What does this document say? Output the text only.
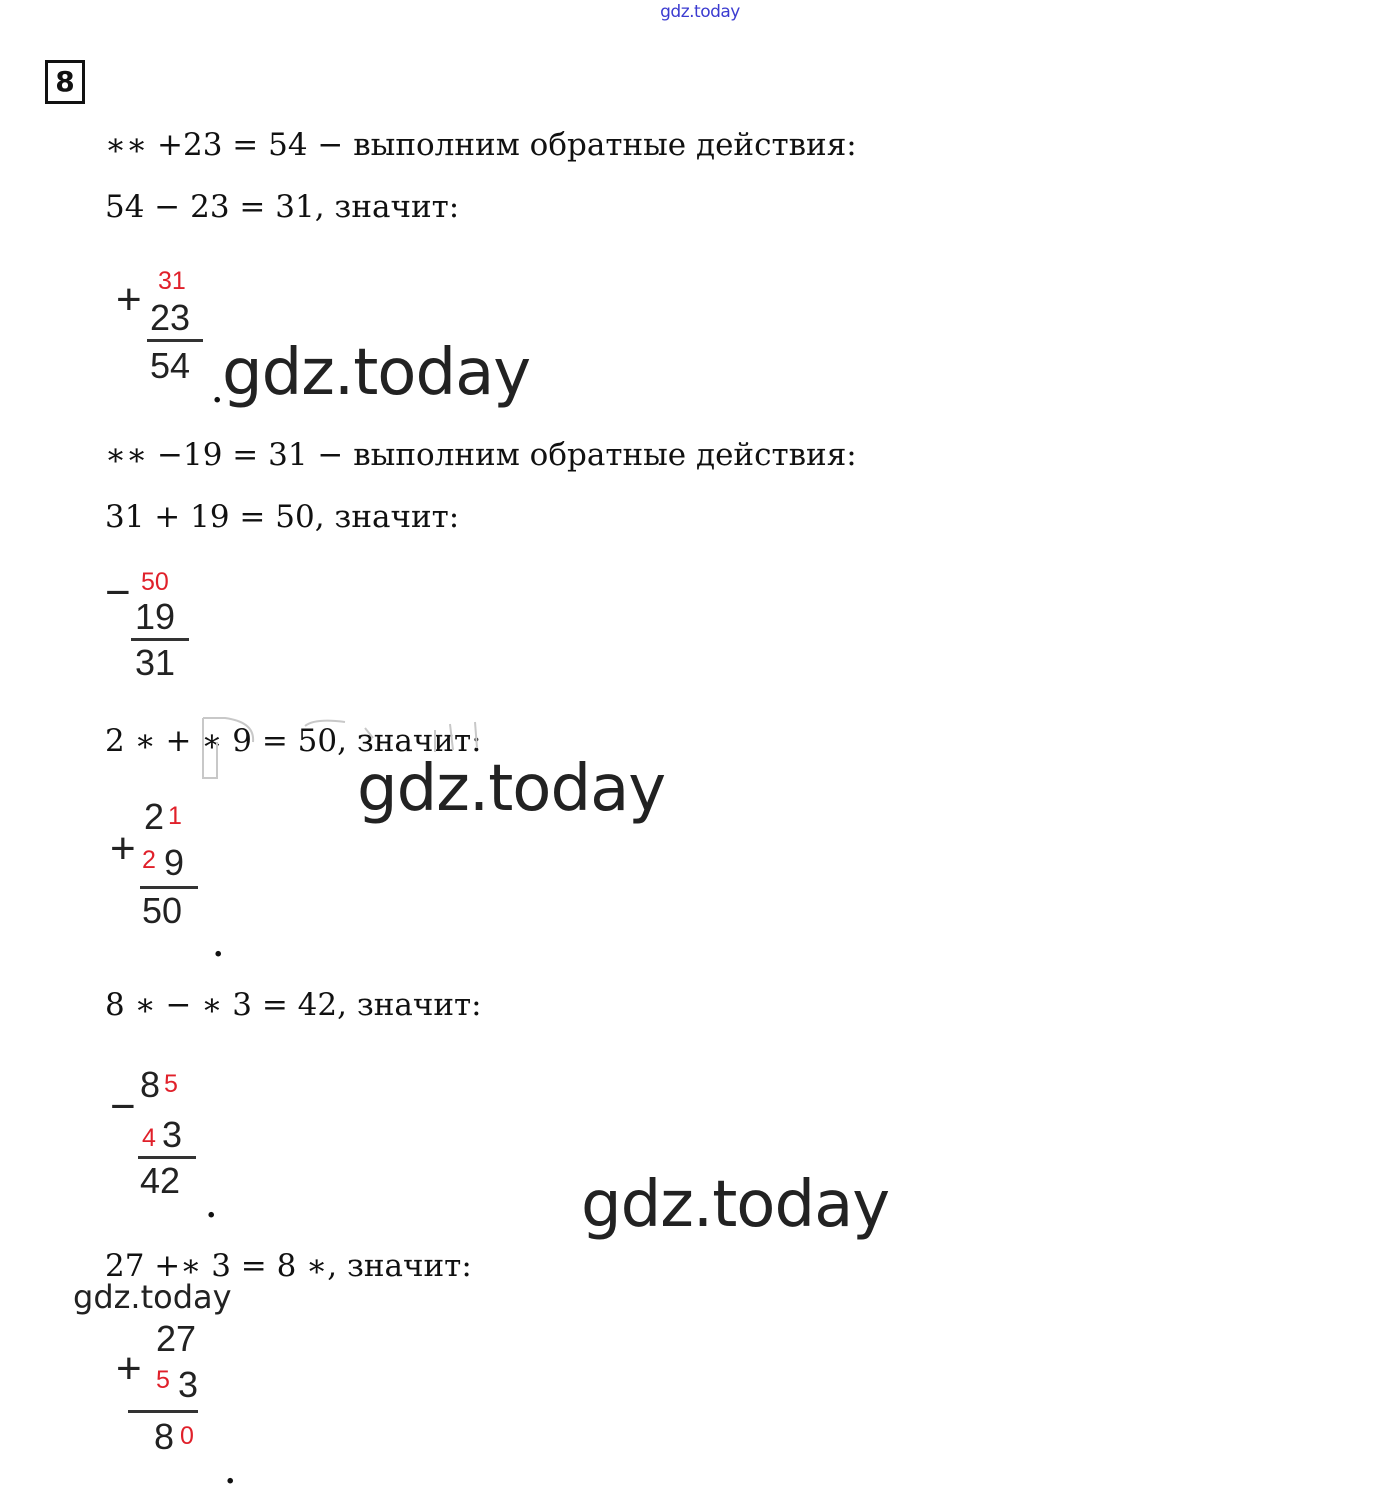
gdz.today
8
∗∗ +23 = 54 − выполним обратные действия:
54 − 23 = 31, значит:
+ 31
23
54
. gdz.today
∗∗ −19 = 31 − выполним обратные действия:
31 + 19 = 50, значит:
− 50
19
31
2 ∗ + ∗ 9 = 50, значит:
gdz.today
2 1
+ 2 9
50
.
8 ∗ − ∗ 3 = 42, значит:
8 5
−
4 3
42
.	gdz.today
27 +∗ 3 = 8 ∗, значит:
gdz.today
27
+ 5 3
8 0
.
